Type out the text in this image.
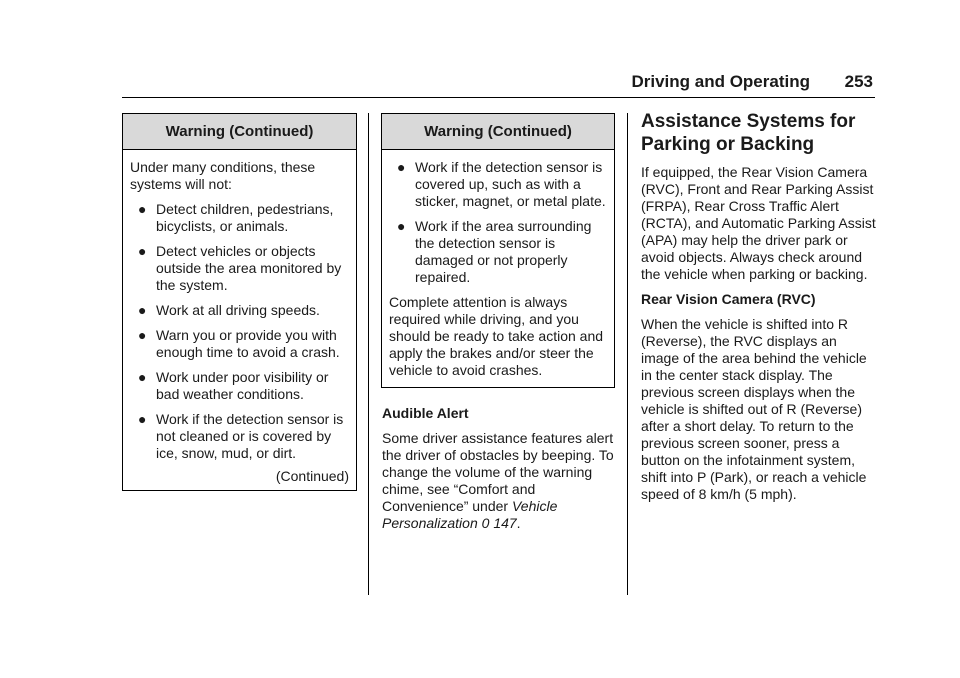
Driving and Operating 253
Warning (Continued)

Under many conditions, these systems will not:

● Detect children, pedestrians, bicyclists, or animals.
● Detect vehicles or objects outside the area monitored by the system.
● Work at all driving speeds.
● Warn you or provide you with enough time to avoid a crash.
● Work under poor visibility or bad weather conditions.
● Work if the detection sensor is not cleaned or is covered by ice, snow, mud, or dirt.
(Continued)
Warning (Continued)
● Work if the detection sensor is covered up, such as with a sticker, magnet, or metal plate.
● Work if the area surrounding the detection sensor is damaged or not properly repaired.

Complete attention is always required while driving, and you should be ready to take action and apply the brakes and/or steer the vehicle to avoid crashes.

Audible Alert

Some driver assistance features alert the driver of obstacles by beeping. To change the volume of the warning chime, see “Comfort and Convenience” under Vehicle Personalization 0 147.

Assistance Systems for Parking or Backing

If equipped, the Rear Vision Camera (RVC), Front and Rear Parking Assist (FRPA), Rear Cross Traffic Alert (RCTA), and Automatic Parking Assist (APA) may help the driver park or avoid objects. Always check around the vehicle when parking or backing.

Rear Vision Camera (RVC)

When the vehicle is shifted into R (Reverse), the RVC displays an image of the area behind the vehicle in the center stack display. The previous screen displays when the vehicle is shifted out of R (Reverse) after a short delay. To return to the previous screen sooner, press a button on the infotainment system, shift into P (Park), or reach a vehicle speed of 8 km/h (5 mph).
